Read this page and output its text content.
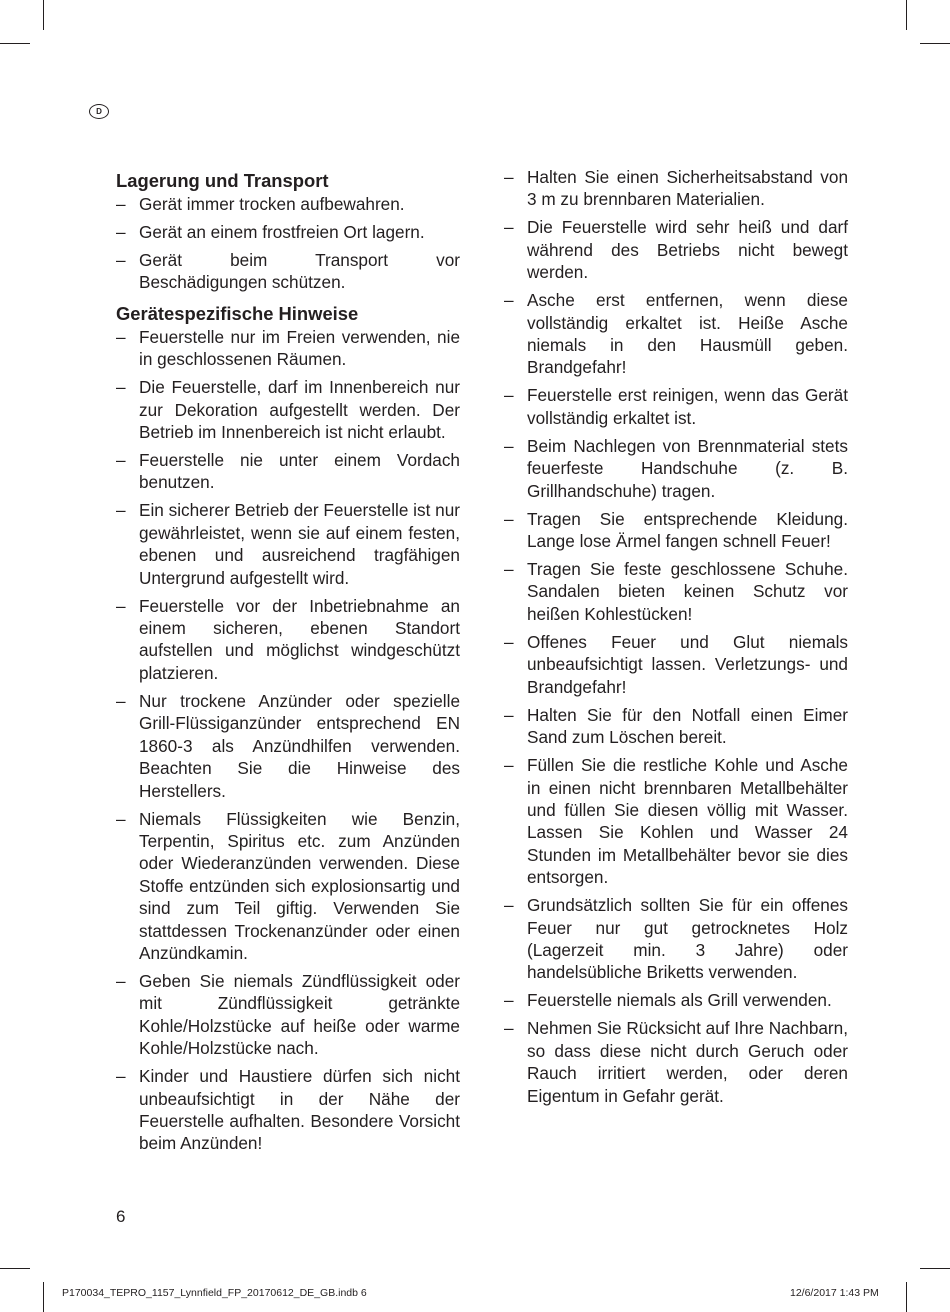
D
Lagerung und Transport
– Gerät immer trocken aufbewahren.
– Gerät an einem frostfreien Ort lagern.
– Gerät beim Transport vor Beschädigungen schützen.
Gerätespezifische Hinweise
– Feuerstelle nur im Freien verwenden, nie in geschlossenen Räumen.
– Die Feuerstelle, darf im Innenbereich nur zur Dekoration aufgestellt werden. Der Betrieb im Innenbereich ist nicht erlaubt.
– Feuerstelle nie unter einem Vordach benutzen.
– Ein sicherer Betrieb der Feuerstelle ist nur gewährleistet, wenn sie auf einem festen, ebenen und ausreichend tragfähigen Untergrund aufgestellt wird.
– Feuerstelle vor der Inbetriebnahme an einem sicheren, ebenen Standort aufstellen und möglichst windgeschützt platzieren.
– Nur trockene Anzünder oder spezielle Grill-Flüssiganzünder entsprechend EN 1860-3 als Anzündhilfen verwenden. Beachten Sie die Hinweise des Herstellers.
– Niemals Flüssigkeiten wie Benzin, Terpentin, Spiritus etc. zum Anzünden oder Wiederanzünden verwenden. Diese Stoffe entzünden sich explosionsartig und sind zum Teil giftig. Verwenden Sie stattdessen Trockenanzünder oder einen Anzündkamin.
– Geben Sie niemals Zündflüssigkeit oder mit Zündflüssigkeit getränkte Kohle/Holzstücke auf heiße oder warme Kohle/Holzstücke nach.
– Kinder und Haustiere dürfen sich nicht unbeaufsichtigt in der Nähe der Feuerstelle aufhalten. Besondere Vorsicht beim Anzünden!
– Halten Sie einen Sicherheitsabstand von 3 m zu brennbaren Materialien.
– Die Feuerstelle wird sehr heiß und darf während des Betriebs nicht bewegt werden.
– Asche erst entfernen, wenn diese vollständig erkaltet ist. Heiße Asche niemals in den Hausmüll geben. Brandgefahr!
– Feuerstelle erst reinigen, wenn das Gerät vollständig erkaltet ist.
– Beim Nachlegen von Brennmaterial stets feuerfeste Handschuhe (z. B. Grillhandschuhe) tragen.
– Tragen Sie entsprechende Kleidung. Lange lose Ärmel fangen schnell Feuer!
– Tragen Sie feste geschlossene Schuhe. Sandalen bieten keinen Schutz vor heißen Kohlestücken!
– Offenes Feuer und Glut niemals unbeaufsichtigt lassen. Verletzungs- und Brandgefahr!
– Halten Sie für den Notfall einen Eimer Sand zum Löschen bereit.
– Füllen Sie die restliche Kohle und Asche in einen nicht brennbaren Metallbehälter und füllen Sie diesen völlig mit Wasser. Lassen Sie Kohlen und Wasser 24 Stunden im Metallbehälter bevor sie dies entsorgen.
– Grundsätzlich sollten Sie für ein offenes Feuer nur gut getrocknetes Holz (Lagerzeit min. 3 Jahre) oder handelsübliche Briketts verwenden.
– Feuerstelle niemals als Grill verwenden.
– Nehmen Sie Rücksicht auf Ihre Nachbarn, so dass diese nicht durch Geruch oder Rauch irritiert werden, oder deren Eigentum in Gefahr gerät.
6
P170034_TEPRO_1157_Lynnfield_FP_20170612_DE_GB.indb 6	12/6/2017 1:43 PM
